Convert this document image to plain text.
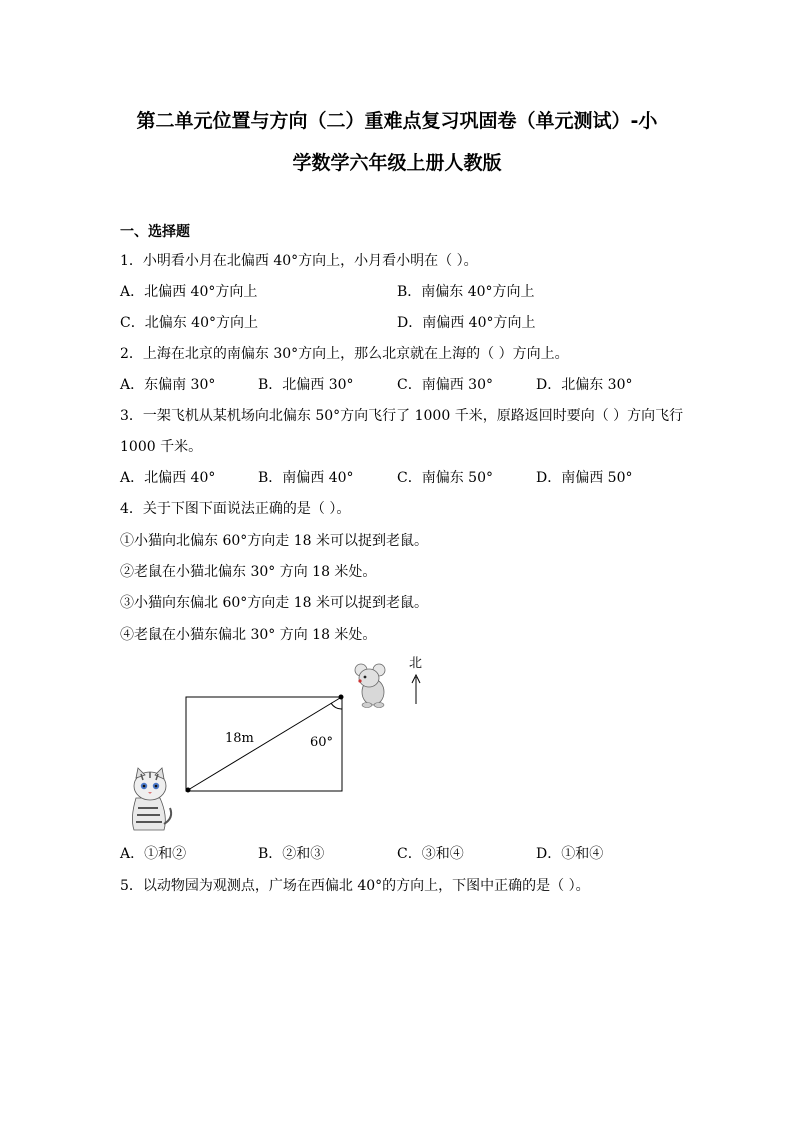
第二单元位置与方向（二）重难点复习巩固卷（单元测试）-小
学数学六年级上册人教版
一、选择题
1．小明看小月在北偏西 40°方向上，小月看小明在（ ）。
A．北偏西 40°方向上	B．南偏东 40°方向上
C．北偏东 40°方向上	D．南偏西 40°方向上
2．上海在北京的南偏东 30°方向上，那么北京就在上海的（ ）方向上。
A．东偏南 30°	B．北偏西 30°	C．南偏西 30°	D．北偏东 30°
3．一架飞机从某机场向北偏东 50°方向飞行了 1000 千米，原路返回时要向（ ）方向飞行
1000 千米。
A．北偏西 40°	B．南偏西 40°	C．南偏东 50°	D．南偏西 50°
4．关于下图下面说法正确的是（ ）。
①小猫向北偏东 60°方向走 18 米可以捉到老鼠。
②老鼠在小猫北偏东 30° 方向 18 米处。
③小猫向东偏北 60°方向走 18 米可以捉到老鼠。
④老鼠在小猫东偏北 30° 方向 18 米处。
18m	60°
北
A．①和②	B．②和③	C．③和④	D．①和④
5．以动物园为观测点，广场在西偏北 40°的方向上，下图中正确的是（ ）。
